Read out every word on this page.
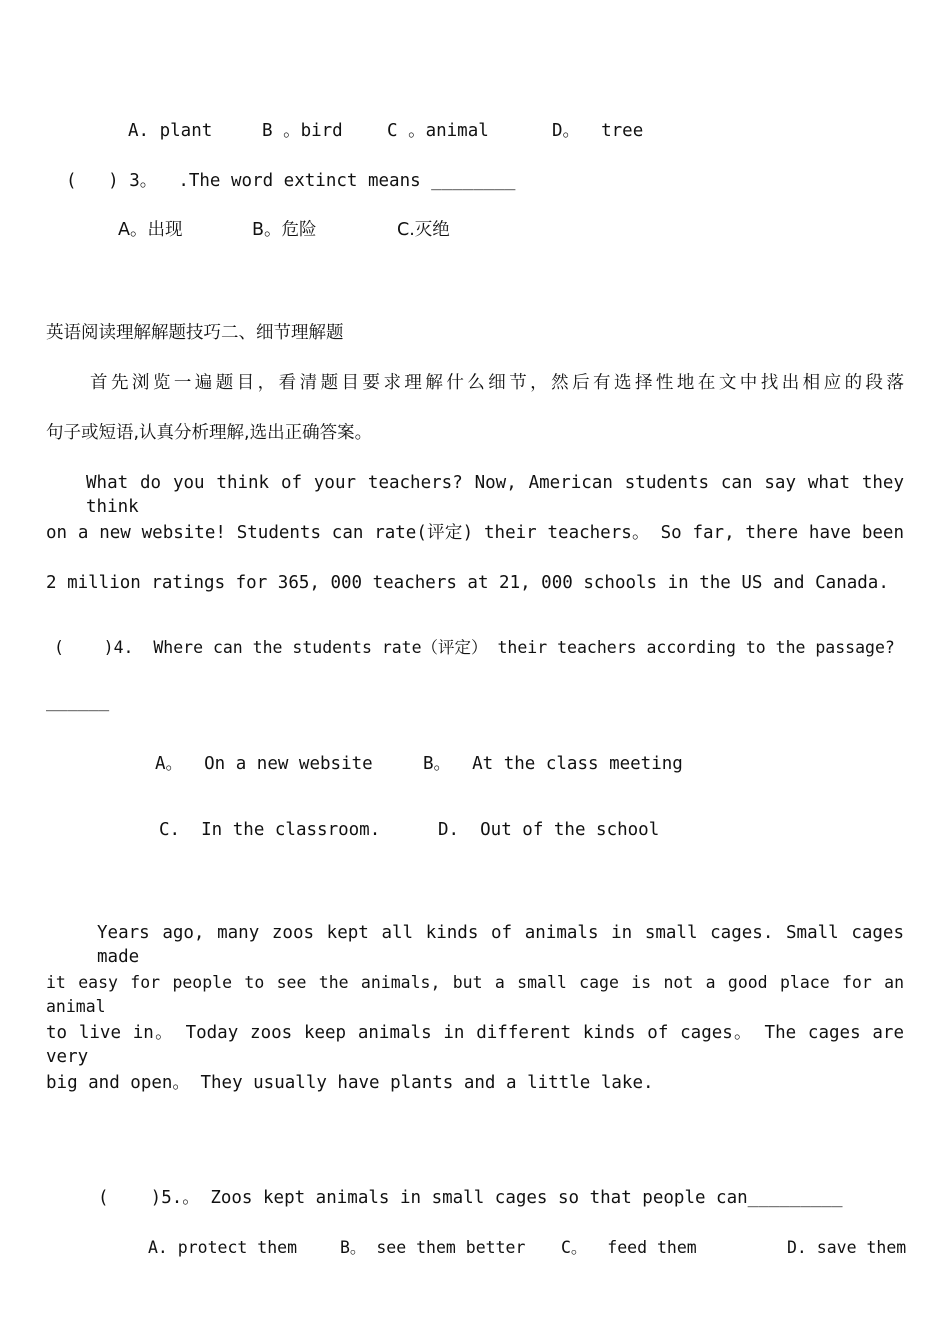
A. plant	B 。bird	C 。animal	D。  tree
(   ) 3。  .The word extinct means ________
A。出现	B。危险	C.灭绝
英语阅读理解解题技巧二、细节理解题
首先浏览一遍题目，看清题目要求理解什么细节，然后有选择性地在文中找出相应的段落
句子或短语,认真分析理解,选出正确答案。
What do you think of your teachers? Now, American students can say what they think
on a new website! Students can rate(评定) their teachers。 So far, there have been
2 million ratings for 365, 000 teachers at 21, 000 schools in the US and Canada.
(    )4.  Where can the students rate（评定） their teachers according to the passage?
______
A。  On a new website	B。  At the class meeting
C.  In the classroom.	D.  Out of the school
Years ago, many zoos kept all kinds of animals in small cages. Small cages made
it easy for people to see the animals, but a small cage is not a good place for an animal
to live in。 Today zoos keep animals in different kinds of cages。 The cages are very
big and open。 They usually have plants and a little lake.
(    )5.。 Zoos kept animals in small cages so that people can_________
A. protect them	B。 see them better C。  feed them	D. save them
